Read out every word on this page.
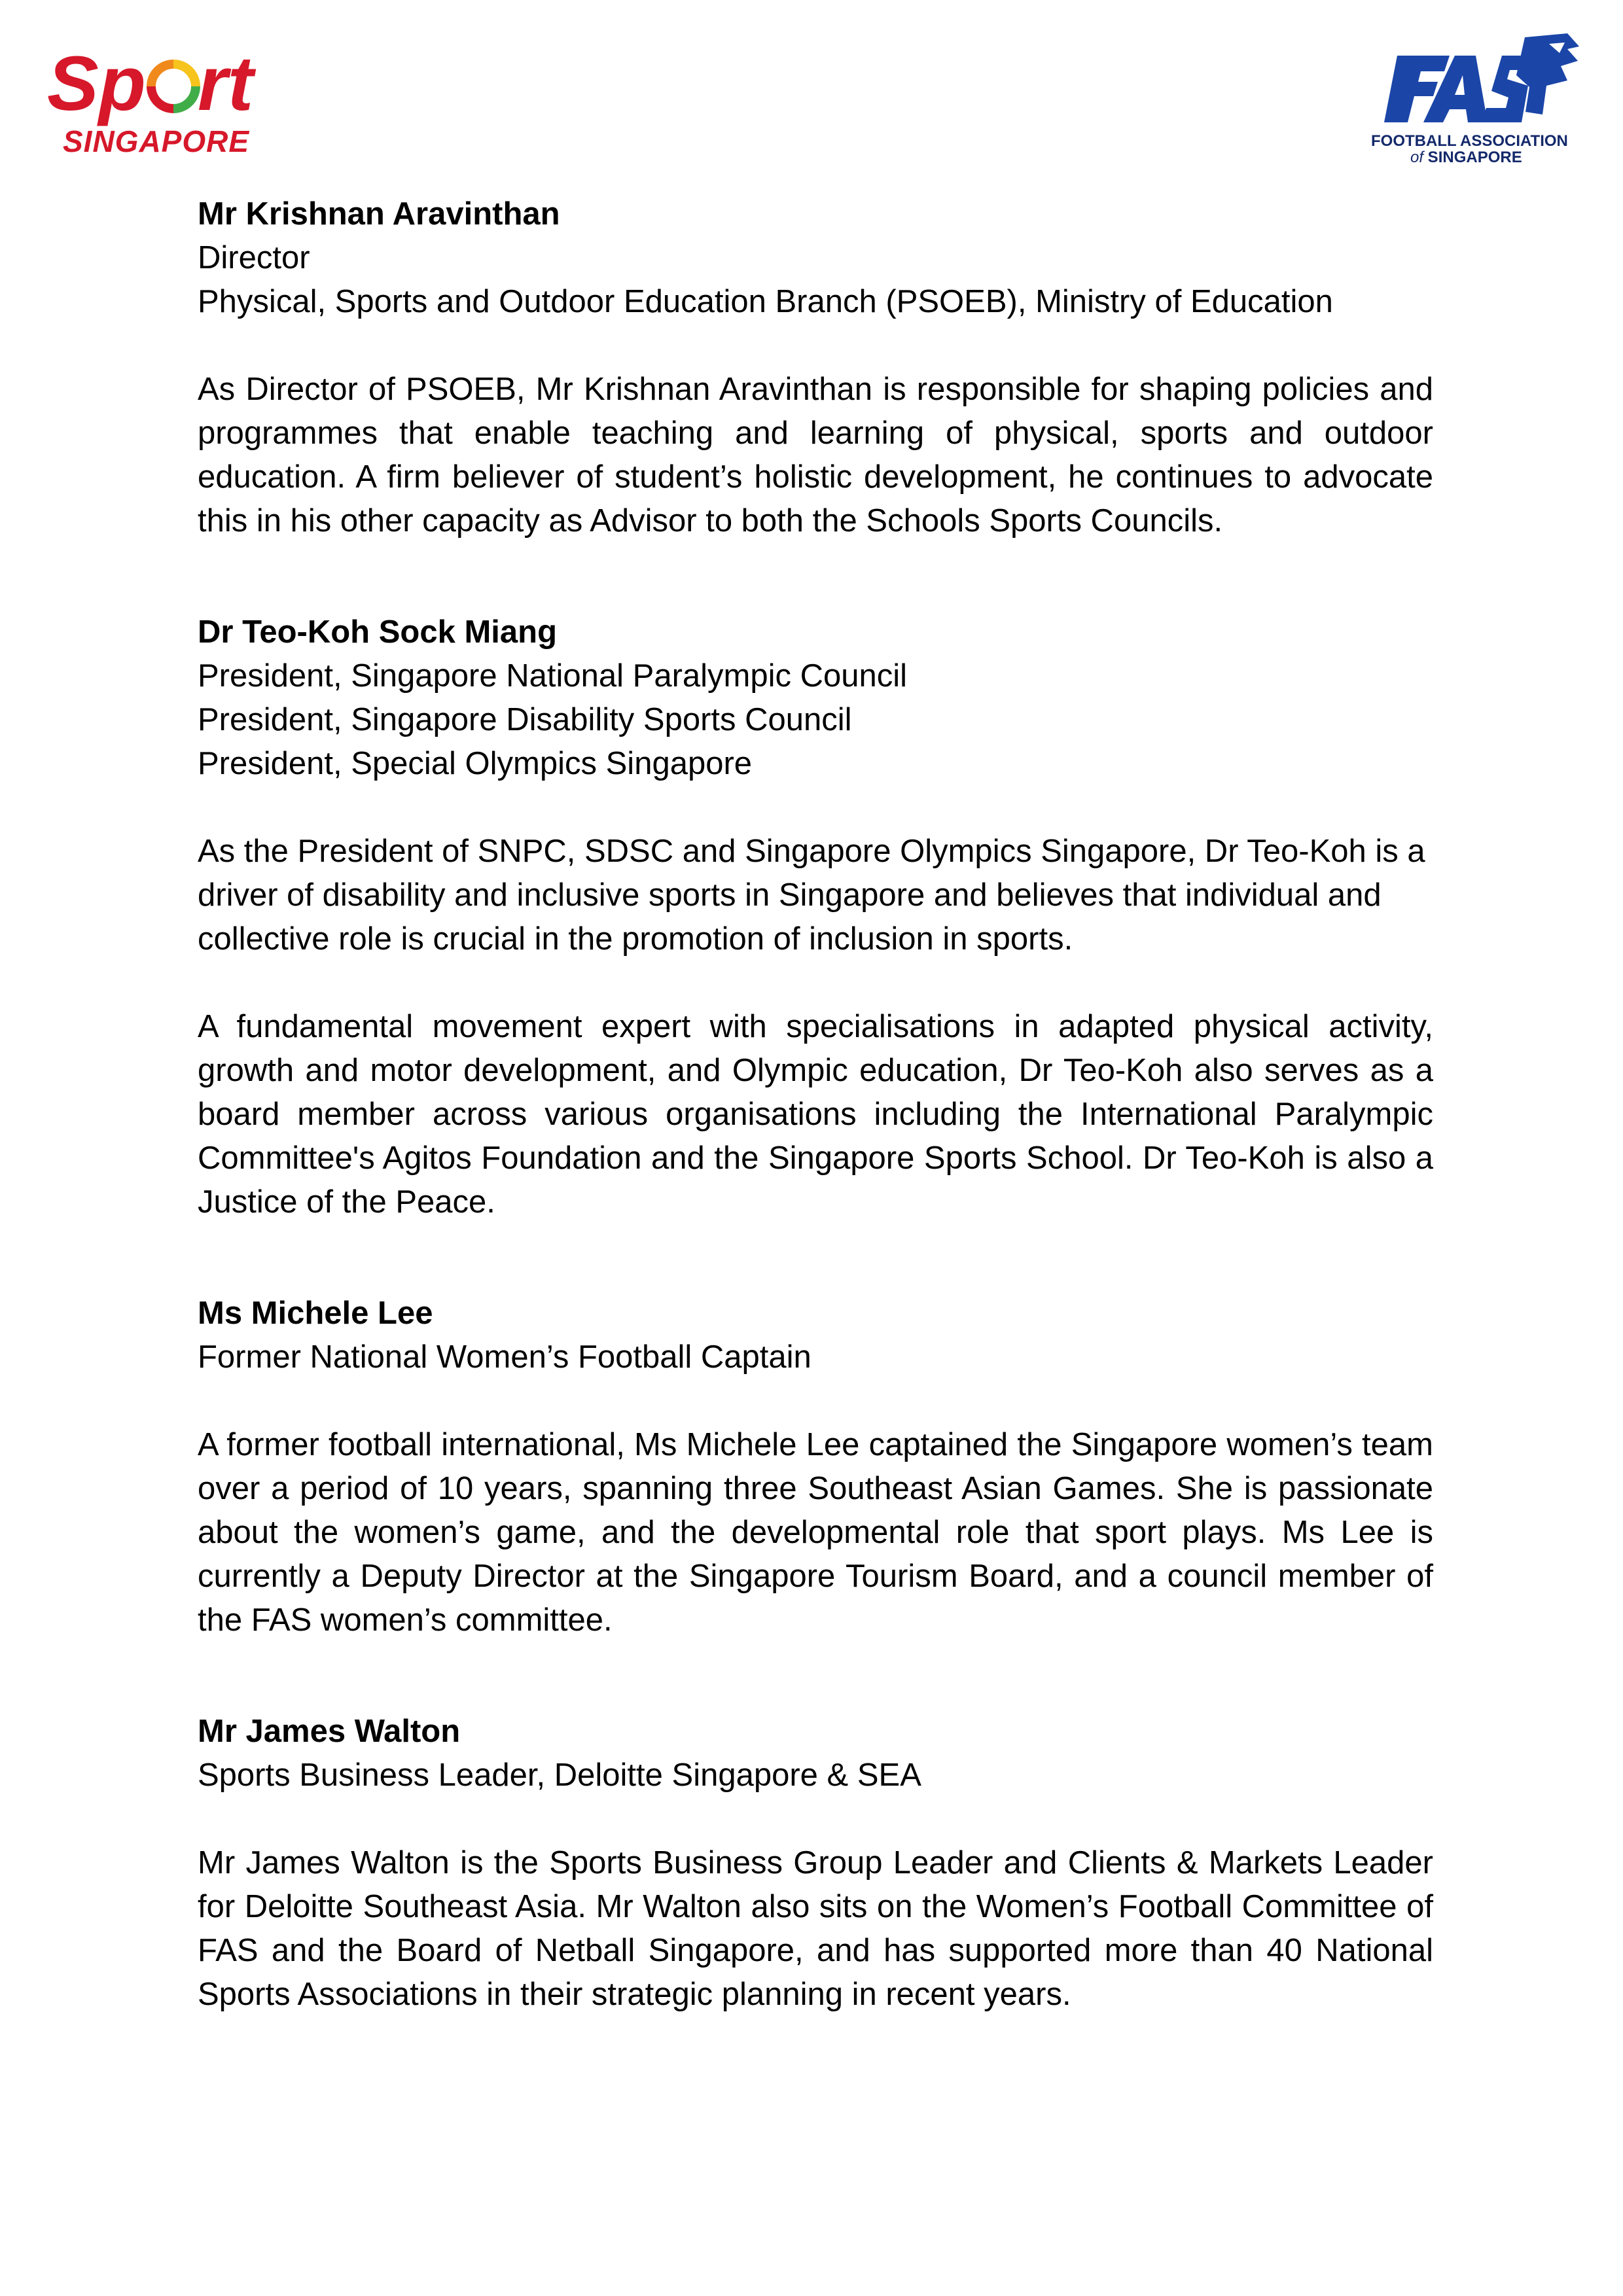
Sp rt
SINGAPORE	FOOTBALL ASSOCIATION
of SINGAPORE

Mr Krishnan Aravinthan

Director

Physical, Sports and Outdoor Education Branch (PSOEB), Ministry of Education

As Director of PSOEB, Mr Krishnan Aravinthan is responsible for shaping policies and programmes that enable teaching and learning of physical, sports and outdoor education. A firm believer of student’s holistic development, he continues to advocate this in his other capacity as Advisor to both the Schools Sports Councils.

Dr Teo-Koh Sock Miang

President, Singapore National Paralympic Council

President, Singapore Disability Sports Council

President, Special Olympics Singapore

As the President of SNPC, SDSC and Singapore Olympics Singapore, Dr Teo-Koh is a driver of disability and inclusive sports in Singapore and believes that individual and collective role is crucial in the promotion of inclusion in sports.

A fundamental movement expert with specialisations in adapted physical activity, growth and motor development, and Olympic education, Dr Teo-Koh also serves as a board member across various organisations including the International Paralympic Committee's Agitos Foundation and the Singapore Sports School. Dr Teo-Koh is also a Justice of the Peace.

Ms Michele Lee

Former National Women’s Football Captain

A former football international, Ms Michele Lee captained the Singapore women’s team over a period of 10 years, spanning three Southeast Asian Games. She is passionate about the women’s game, and the developmental role that sport plays. Ms Lee is currently a Deputy Director at the Singapore Tourism Board, and a council member of the FAS women’s committee.

Mr James Walton

Sports Business Leader, Deloitte Singapore & SEA

Mr James Walton is the Sports Business Group Leader and Clients & Markets Leader for Deloitte Southeast Asia. Mr Walton also sits on the Women’s Football Committee of FAS and the Board of Netball Singapore, and has supported more than 40 National Sports Associations in their strategic planning in recent years.
